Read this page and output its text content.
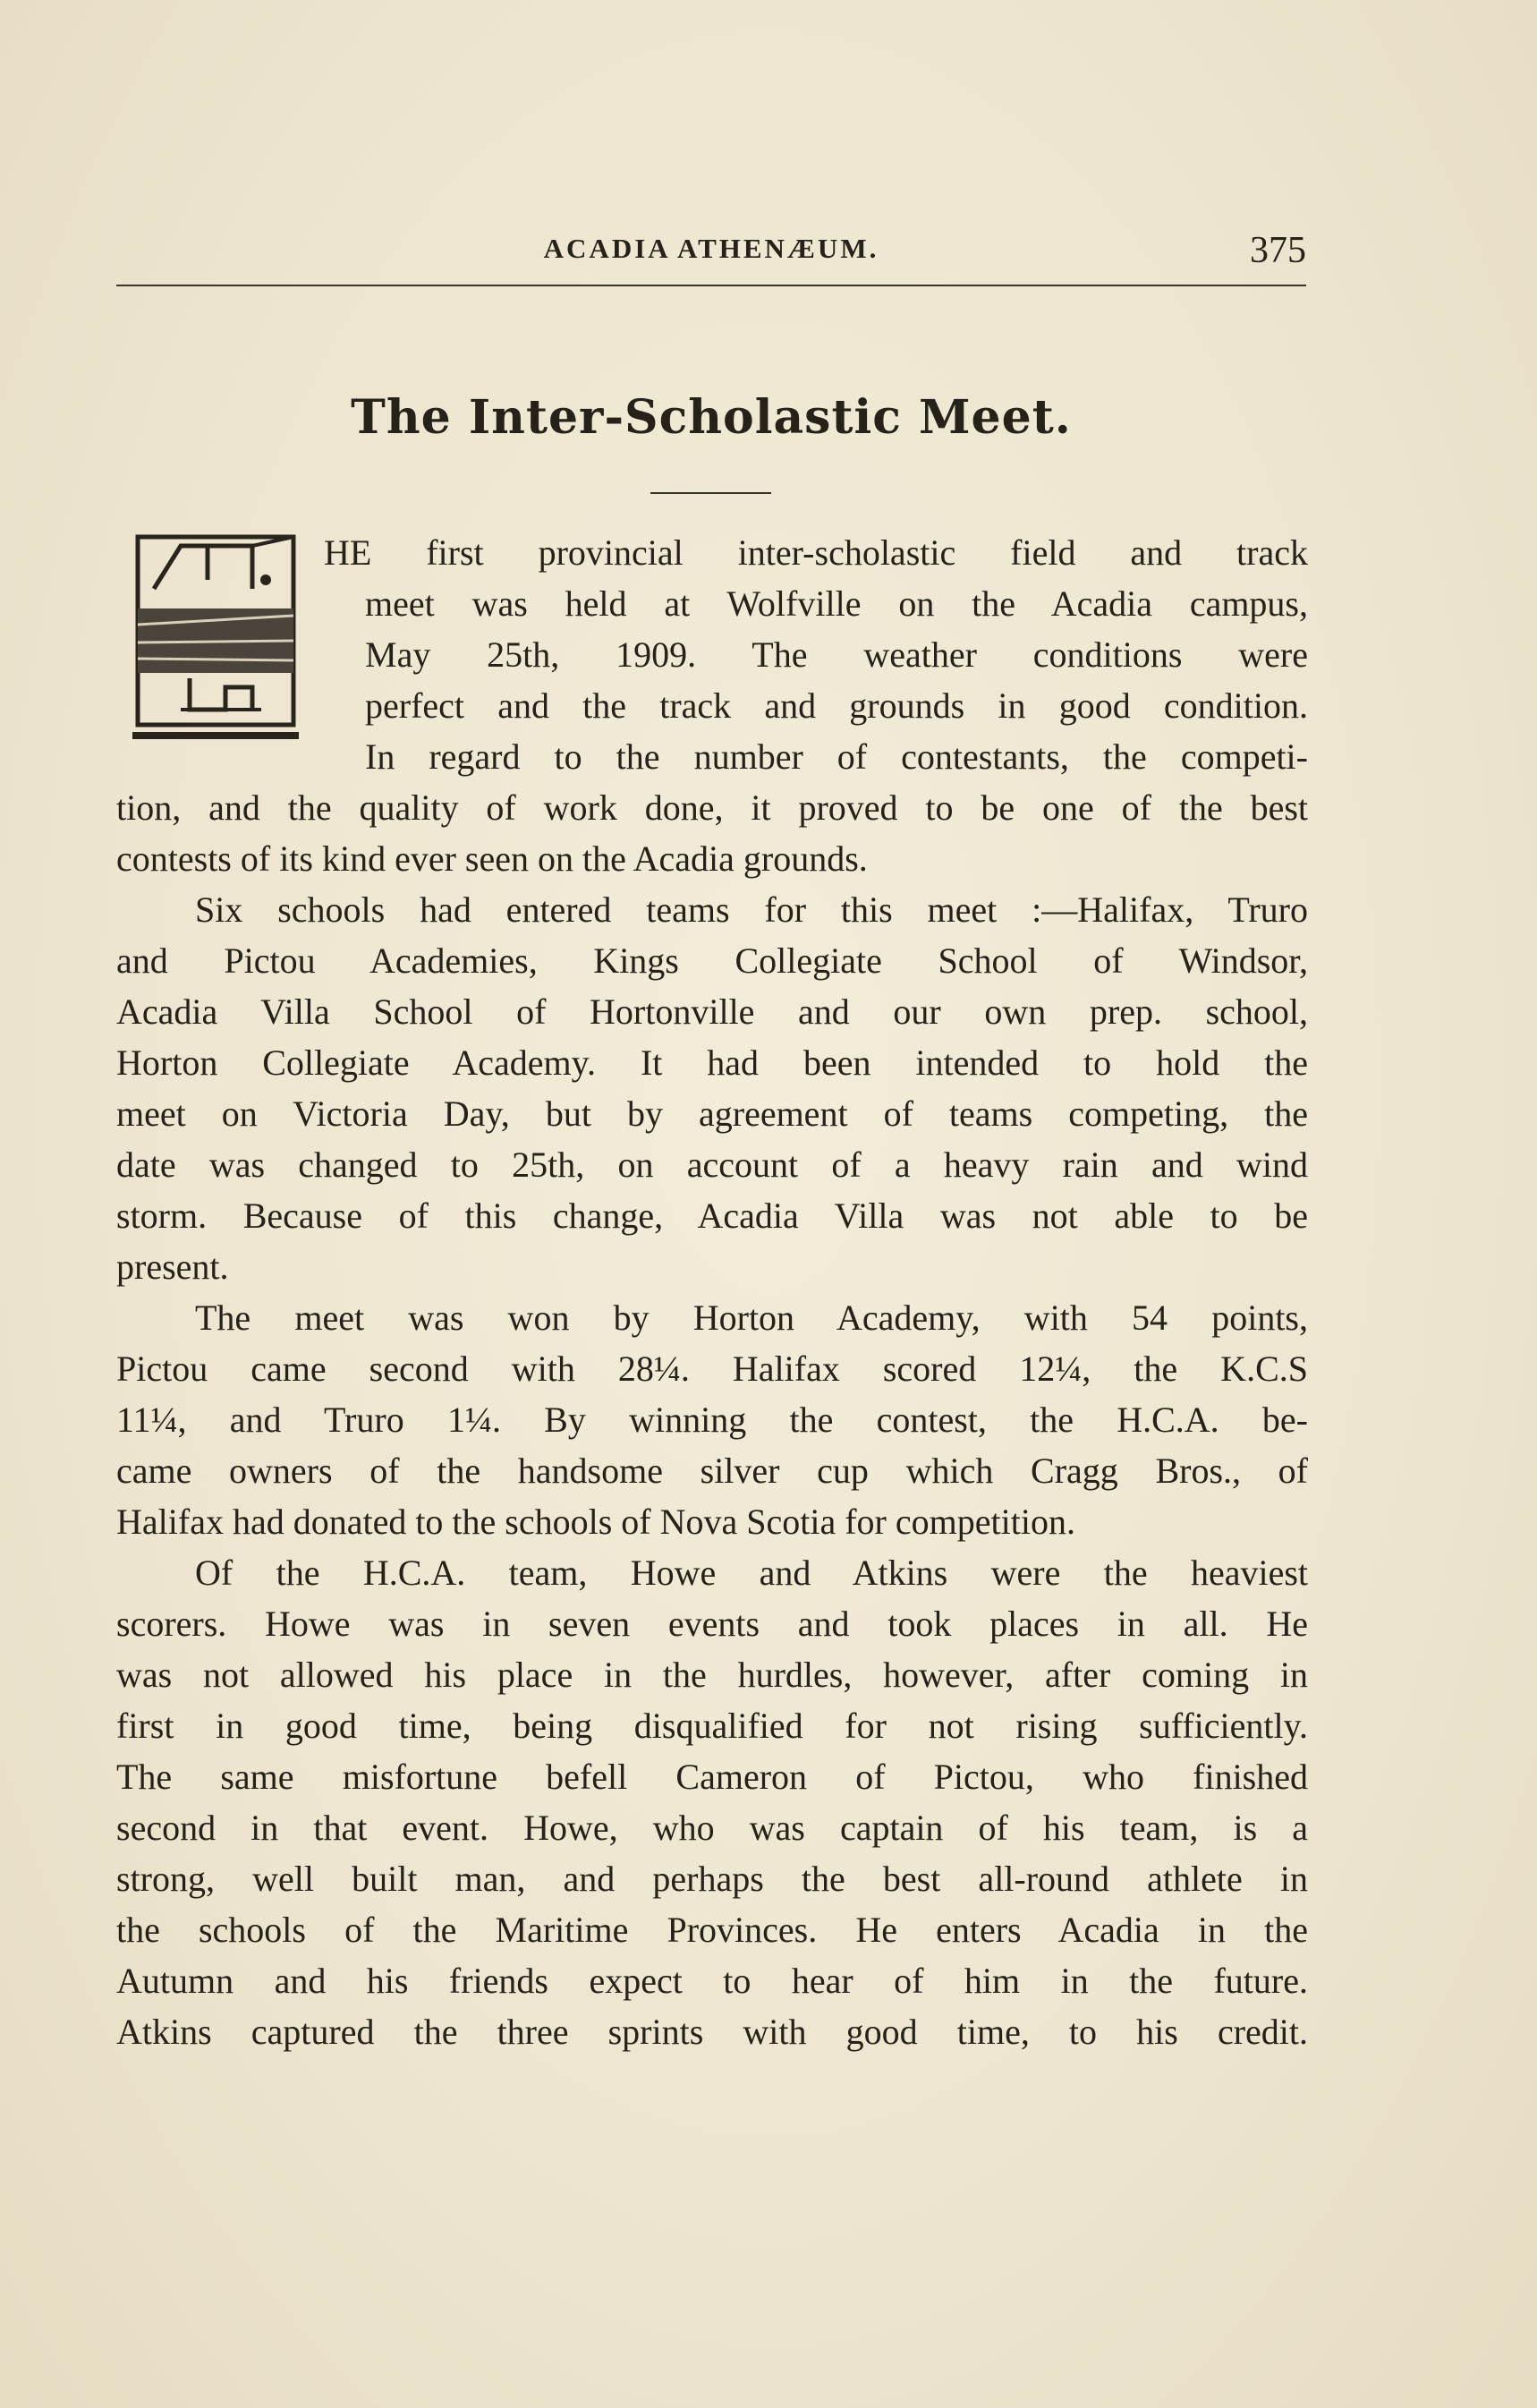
ACADIA ATHENÆUM.	375
The Inter-Scholastic Meet.
HE first provincial inter-scholastic field and track
meet was held at Wolfville on the Acadia campus,
May 25th, 1909. The weather conditions were
perfect and the track and grounds in good condition.
In regard to the number of contestants, the competi-
tion, and the quality of work done, it proved to be one of the best
contests of its kind ever seen on the Acadia grounds.
Six schools had entered teams for this meet :—Halifax, Truro
and Pictou Academies, Kings Collegiate School of Windsor,
Acadia Villa School of Hortonville and our own prep. school,
Horton Collegiate Academy. It had been intended to hold the
meet on Victoria Day, but by agreement of teams competing, the
date was changed to 25th, on account of a heavy rain and wind
storm. Because of this change, Acadia Villa was not able to be
present.
The meet was won by Horton Academy, with 54 points,
Pictou came second with 28¼. Halifax scored 12¼, the K.C.S
11¼, and Truro 1¼. By winning the contest, the H.C.A. be-
came owners of the handsome silver cup which Cragg Bros., of
Halifax had donated to the schools of Nova Scotia for competition.
Of the H.C.A. team, Howe and Atkins were the heaviest
scorers. Howe was in seven events and took places in all. He
was not allowed his place in the hurdles, however, after coming in
first in good time, being disqualified for not rising sufficiently.
The same misfortune befell Cameron of Pictou, who finished
second in that event. Howe, who was captain of his team, is a
strong, well built man, and perhaps the best all-round athlete in
the schools of the Maritime Provinces. He enters Acadia in the
Autumn and his friends expect to hear of him in the future.
Atkins captured the three sprints with good time, to his credit.
